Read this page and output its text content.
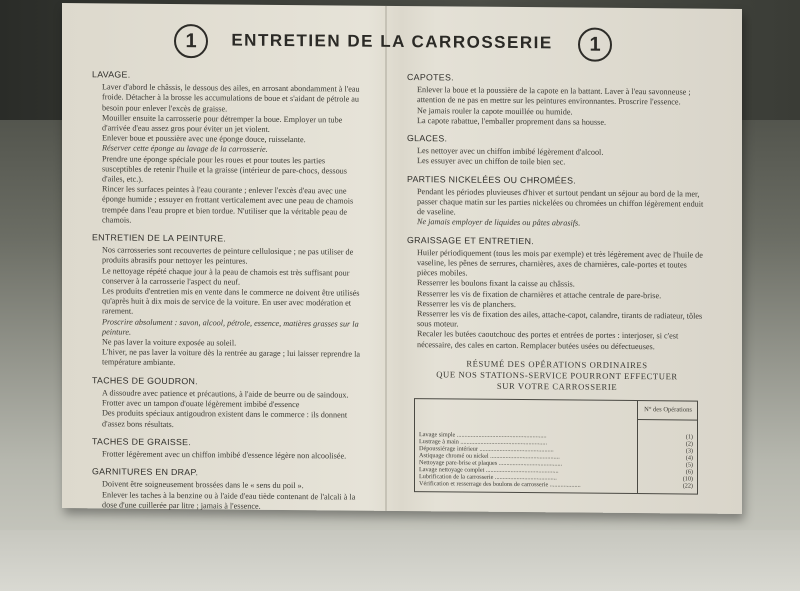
1	ENTRETIEN DE LA CARROSSERIE	1
LAVAGE.

Laver d'abord le châssis, le dessous des ailes, en arrosant abondamment à l'eau froide. Détacher à la brosse les accumulations de boue et s'aidant de pétrole au besoin pour enlever l'excès de graisse.

Mouiller ensuite la carrosserie pour détremper la boue. Employer un tube d'arrivée d'eau assez gros pour éviter un jet violent.

Enlever boue et poussière avec une éponge douce, ruisselante.

Réserver cette éponge au lavage de la carrosserie.

Prendre une éponge spéciale pour les roues et pour toutes les parties susceptibles de retenir l'huile et la graisse (intérieur de pare-chocs, dessous d'ailes, etc.).

Rincer les surfaces peintes à l'eau courante ; enlever l'excès d'eau avec une éponge humide ; essuyer en frottant verticalement avec une peau de chamois trempée dans l'eau propre et bien tordue. N'utiliser que la véritable peau de chamois.

ENTRETIEN DE LA PEINTURE.

Nos carrosseries sont recouvertes de peinture cellulosique ; ne pas utiliser de produits abrasifs pour nettoyer les peintures.

Le nettoyage répété chaque jour à la peau de chamois est très suffisant pour conserver à la carrosserie l'aspect du neuf.

Les produits d'entretien mis en vente dans le commerce ne doivent être utilisés qu'après huit à dix mois de service de la voiture. En user avec modération et rarement.

Proscrire absolument : savon, alcool, pétrole, essence, matières grasses sur la peinture.

Ne pas laver la voiture exposée au soleil.

L'hiver, ne pas laver la voiture dès la rentrée au garage ; lui laisser reprendre la température ambiante.

TACHES DE GOUDRON.

A dissoudre avec patience et précautions, à l'aide de beurre ou de saindoux.

Frotter avec un tampon d'ouate légèrement imbibé d'essence

Des produits spéciaux antigoudron existent dans le commerce : ils donnent d'assez bons résultats.

TACHES DE GRAISSE.

Frotter légèrement avec un chiffon imbibé d'essence légère non alcoolisée.

GARNITURES EN DRAP.

Doivent être soigneusement brossées dans le « sens du poil ».

Enlever les taches à la benzine ou à l'aide d'eau tiède contenant de l'alcali à la dose d'une cuillerée par litre ; jamais à l'essence.

CAPOTES.

Enlever la boue et la poussière de la capote en la battant. Laver à l'eau savonneuse ; attention de ne pas en mettre sur les peintures environnantes. Proscrire l'essence.

Ne jamais rouler la capote mouillée ou humide.

La capote rabattue, l'emballer proprement dans sa housse.

GLACES.

Les nettoyer avec un chiffon imbibé légèrement d'alcool.

Les essuyer avec un chiffon de toile bien sec.

PARTIES NICKELÉES OU CHROMÉES.

Pendant les périodes pluvieuses d'hiver et surtout pendant un séjour au bord de la mer, passer chaque matin sur les parties nickelées ou chromées un chiffon légèrement enduit de vaseline.

Ne jamais employer de liquides ou pâtes abrasifs.

GRAISSAGE ET ENTRETIEN.

Huiler périodiquement (tous les mois par exemple) et très légèrement avec de l'huile de vaseline, les pênes de serrures, charnières, axes de charnières, cale-portes et toutes pièces mobiles.

Resserrer les boulons fixant la caisse au châssis.

Resserrer les vis de fixation de charnières et attache centrale de pare-brise.

Resserrer les vis de planchers.

Resserrer les vis de fixation des ailes, attache-capot, calandre, tirants de radiateur, tôles sous moteur.

Recaler les butées caoutchouc des portes et entrées de portes : interjoser, si c'est nécessaire, des cales en carton. Remplacer butées usées ou défectueuses.

RÉSUMÉ DES OPÉRATIONS ORDINAIRES
QUE NOS STATIONS-SERVICE POURRONT EFFECTUER
SUR VOTRE CARROSSERIE
N° des Opérations
Lavage simple ..........................................................	(1)
Lustrage à main ........................................................	(2)
Dépoussiérage intérieur ................................................	(3)
Astiquage chromé ou nickel .............................................	(4)
Nettoyage pare-brise et plaques .........................................	(5)
Lavage nettoyage complet ...............................................	(6)
Lubrification de la carrosserie ........................................	(10)
Vérification et resserrage des boulons de carrosserie ....................	(22)
